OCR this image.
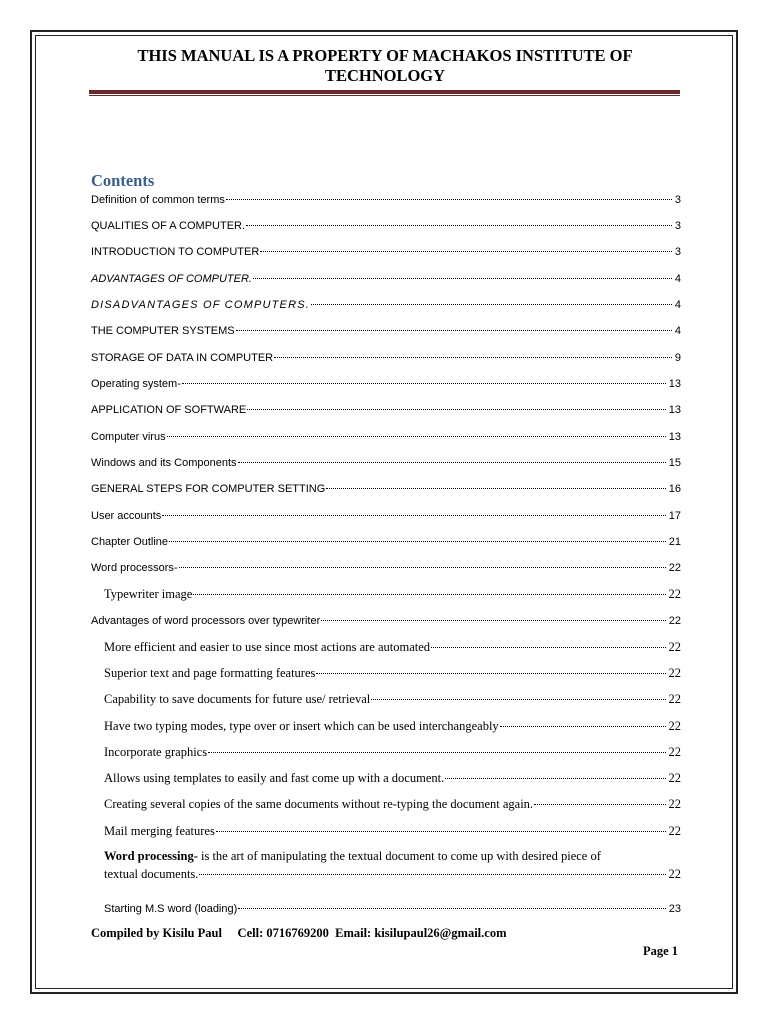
THIS MANUAL IS A PROPERTY OF MACHAKOS INSTITUTE OF
TECHNOLOGY
Contents
Definition of common terms	3
QUALITIES OF A COMPUTER.	3
INTRODUCTION TO COMPUTER	3
ADVANTAGES OF COMPUTER.	4
DISADVANTAGES OF COMPUTERS.	4
THE COMPUTER SYSTEMS	4
STORAGE OF DATA IN COMPUTER	9
Operating system-	13
APPLICATION OF SOFTWARE	13
Computer virus	13
Windows and its Components	15
GENERAL STEPS FOR COMPUTER SETTING	16
User accounts	17
Chapter Outline	21
Word processors-	22
Typewriter image	22
Advantages of word processors over typewriter	22
More efficient and easier to use since most actions are automated	22
Superior text and page formatting features	22
Capability to save documents for future use/ retrieval	22
Have two typing modes, type over or insert which can be used interchangeably	22
Incorporate graphics	22
Allows using templates to easily and fast come up with a document.	22
Creating several copies of the same documents without re-typing the document again.	22
Mail merging features	22
Word processing- is the art of manipulating the textual document to come up with desired piece of
textual documents.	22
Starting M.S word (loading)	23
Compiled by Kisilu Paul     Cell: 0716769200  Email: kisilupaul26@gmail.com
Page 1
